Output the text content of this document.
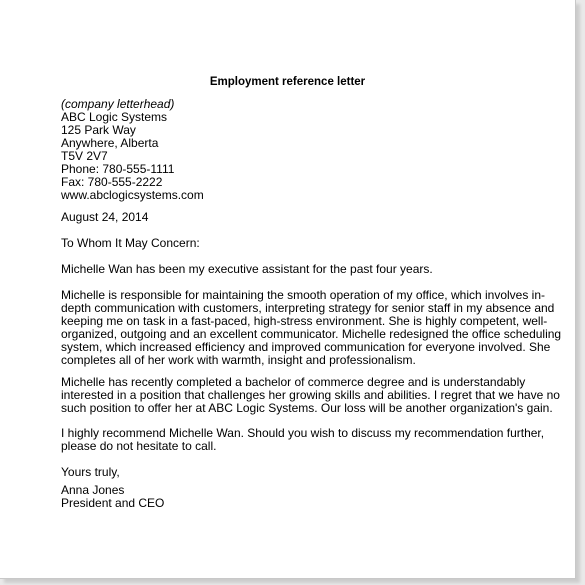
Employment reference letter

(company letterhead)
ABC Logic Systems
125 Park Way
Anywhere, Alberta
T5V 2V7
Phone: 780-555-1111
Fax: 780-555-2222
www.abclogicsystems.com
August 24, 2014
To Whom It May Concern:
Michelle Wan has been my executive assistant for the past four years.
Michelle is responsible for maintaining the smooth operation of my office, which involves in-
depth communication with customers, interpreting strategy for senior staff in my absence and
keeping me on task in a fast-paced, high-stress environment. She is highly competent, well-
organized, outgoing and an excellent communicator. Michelle redesigned the office scheduling
system, which increased efficiency and improved communication for everyone involved. She
completes all of her work with warmth, insight and professionalism.
Michelle has recently completed a bachelor of commerce degree and is understandably
interested in a position that challenges her growing skills and abilities. I regret that we have no
such position to offer her at ABC Logic Systems. Our loss will be another organization's gain.
I highly recommend Michelle Wan. Should you wish to discuss my recommendation further,
please do not hesitate to call.
Yours truly,
Anna Jones
President and CEO
